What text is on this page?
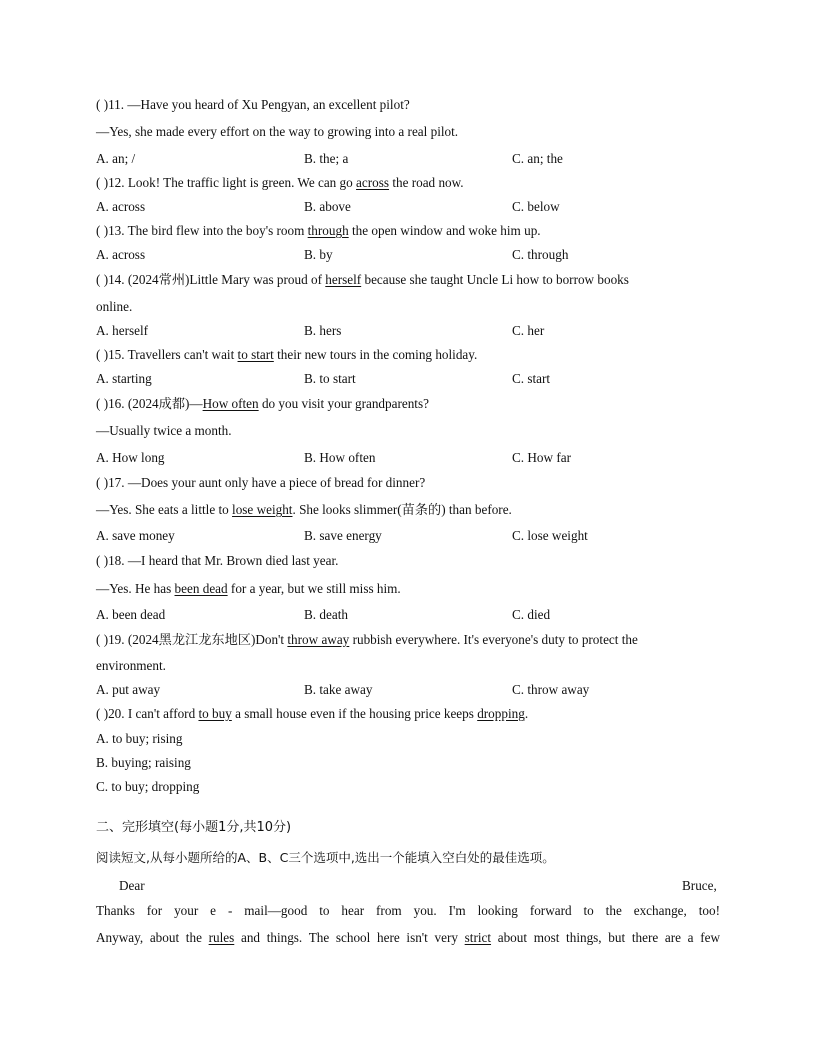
( )11. —Have you heard of Xu Pengyan, an excellent pilot?
—Yes, she made every effort on the way to growing into a real pilot.
A. an; /	B. the; a	C. an; the
( )12. Look! The traffic light is green. We can go across the road now.
A. across	B. above	C. below
( )13. The bird flew into the boy's room through the open window and woke him up.
A. across	B. by	C. through
( )14. (2024常州)Little Mary was proud of herself because she taught Uncle Li how to borrow books
online.
A. herself	B. hers	C. her
( )15. Travellers can't wait to start their new tours in the coming holiday.
A. starting	B. to start	C. start
( )16. (2024成都)—How often do you visit your grandparents?
—Usually twice a month.
A. How long	B. How often	C. How far
( )17. —Does your aunt only have a piece of bread for dinner?
—Yes. She eats a little to lose weight. She looks slimmer(苗条的) than before.
A. save money	B. save energy	C. lose weight
( )18. —I heard that Mr. Brown died last year.
—Yes. He has been dead for a year, but we still miss him.
A. been dead	B. death	C. died
( )19. (2024黑龙江龙东地区)Don't throw away rubbish everywhere. It's everyone's duty to protect the
environment.
A. put away	B. take away	C. throw away
( )20. I can't afford to buy a small house even if the housing price keeps dropping.
A. to buy; rising
B. buying; raising
C. to buy; dropping
二、完形填空(每小题1分,共10分)
阅读短文,从每小题所给的A、B、C三个选项中,选出一个能填入空白处的最佳选项。
Dear	Bruce,
Thanks for your e - mail—good to hear from you. I'm looking forward to the exchange, too!
Anyway, about the rules and things. The school here isn't very strict about most things, but there are a few
